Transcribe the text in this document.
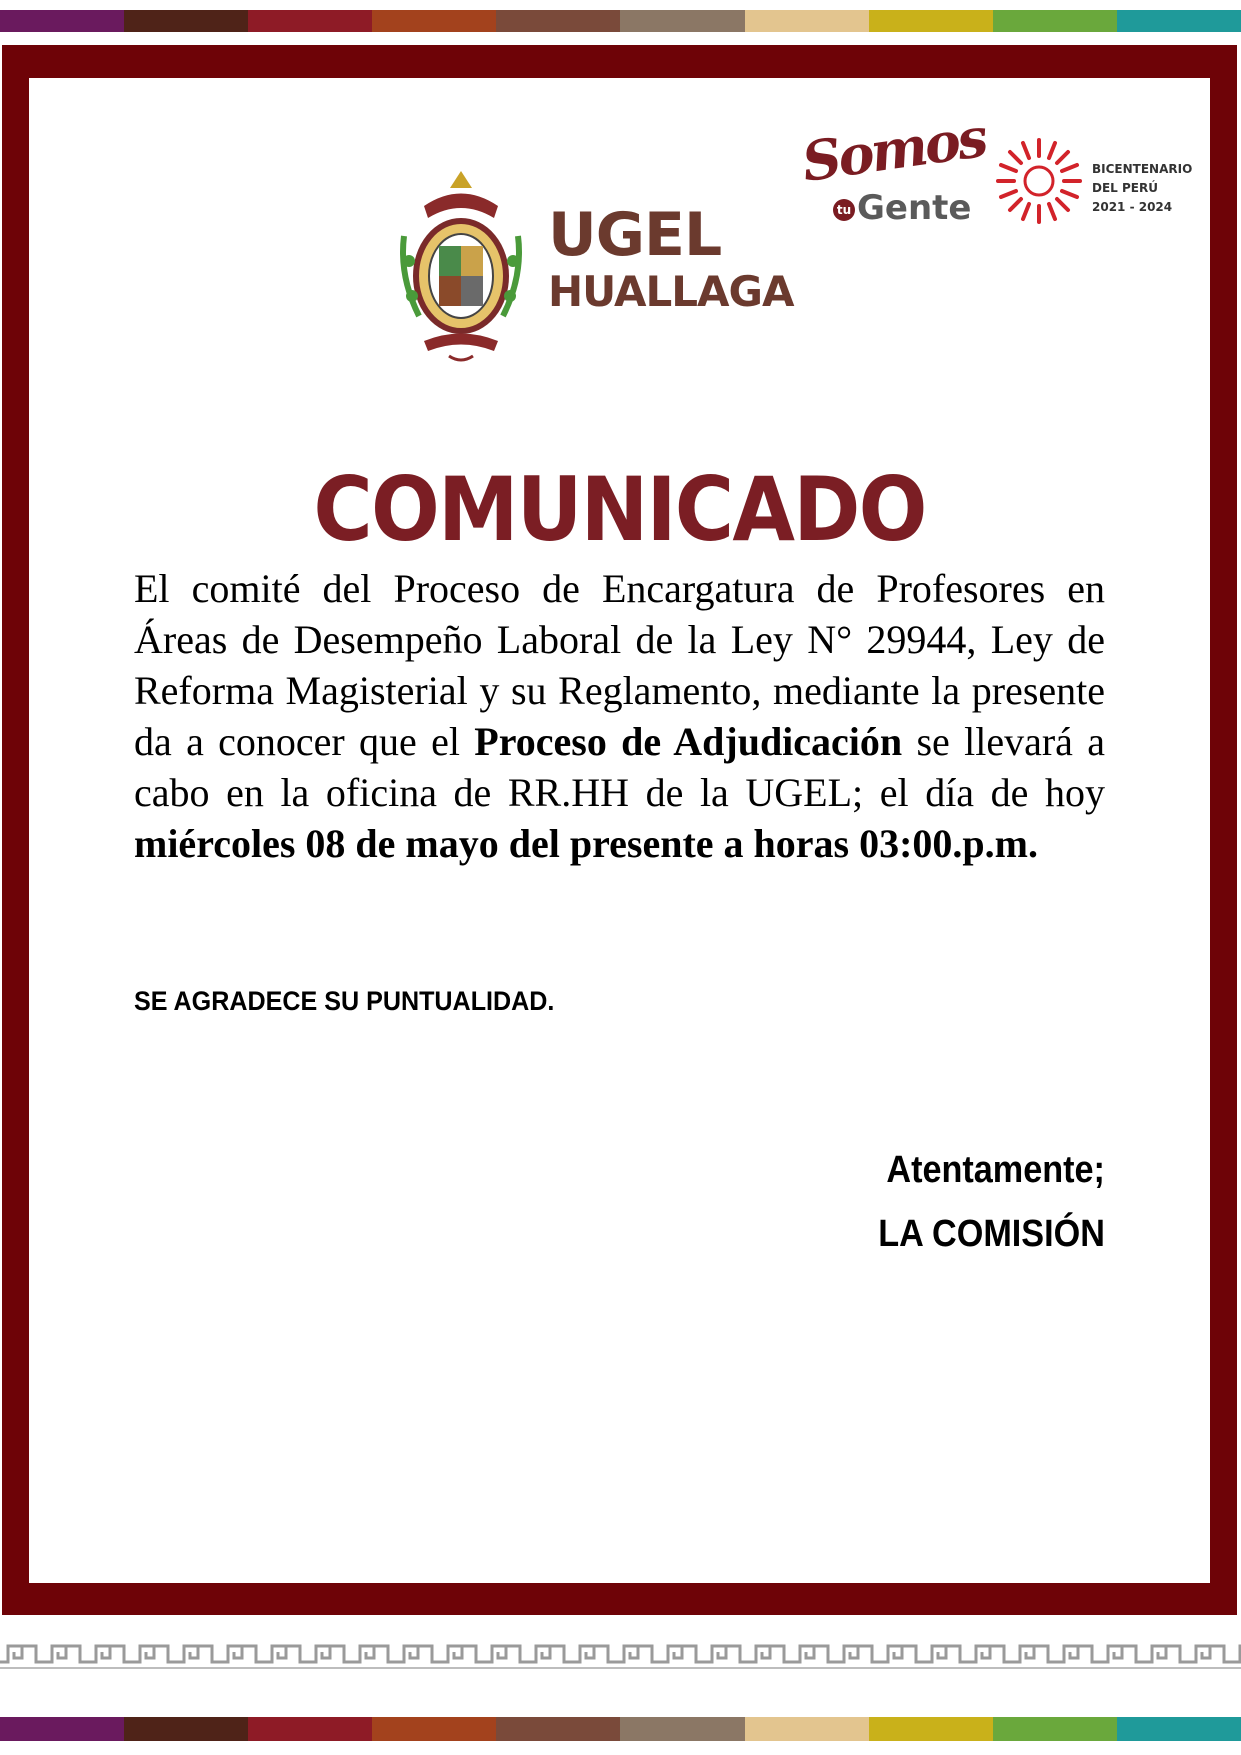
UGEL
HUALLAGA
Somos
tu Gente
BICENTENARIO
DEL PERÚ
2021 - 2024
COMUNICADO
El comité del Proceso de Encargatura de Profesores en Áreas de Desempeño Laboral de la Ley N° 29944, Ley de Reforma Magisterial y su Reglamento, mediante la presente da a conocer que el Proceso de Adjudicación se llevará a cabo en la oficina de RR.HH de la UGEL; el día de hoy miércoles 08 de mayo del presente a horas 03:00.p.m.
SE AGRADECE SU PUNTUALIDAD.
Atentamente;
LA COMISIÓN
